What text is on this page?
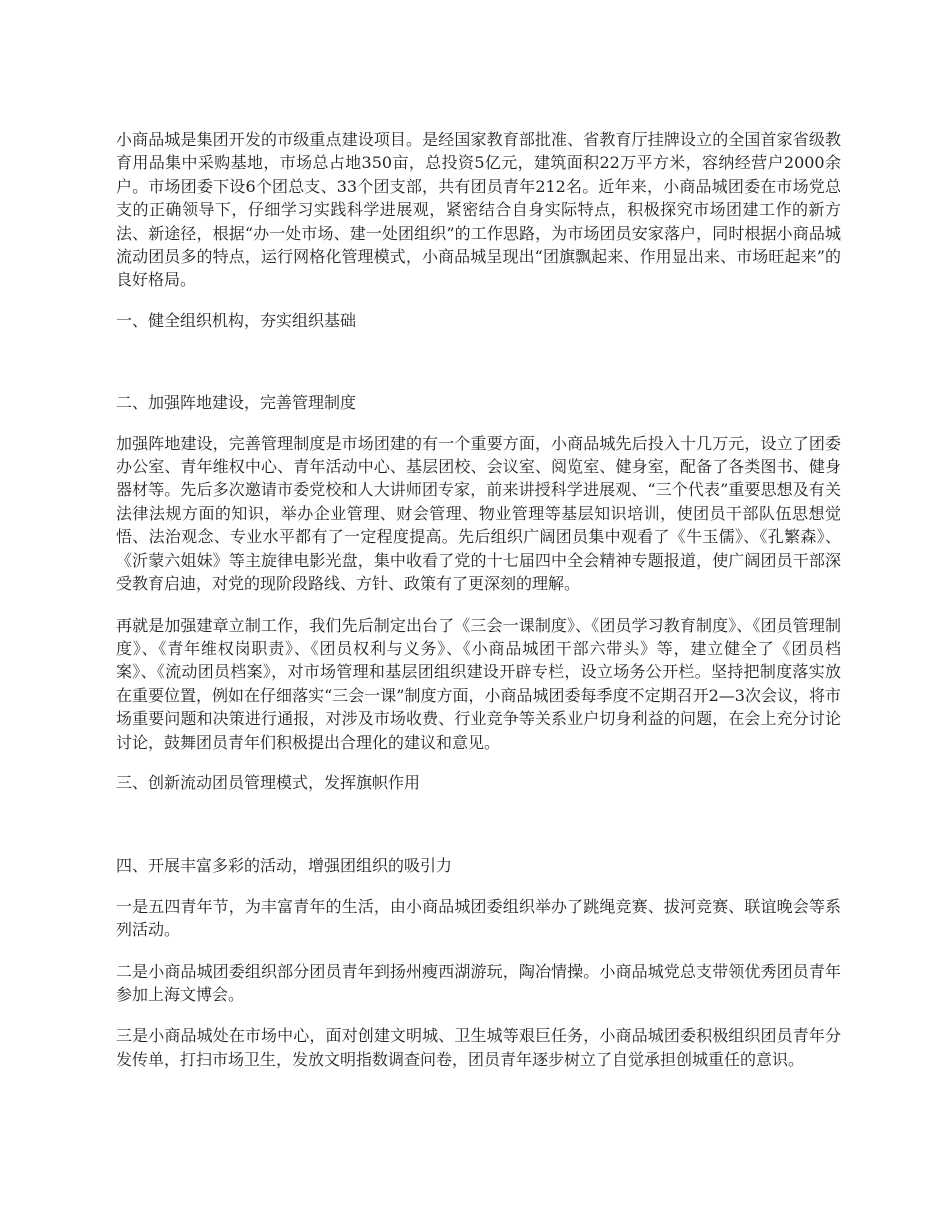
小商品城是集团开发的市级重点建设项目。是经国家教育部批准、省教育厅挂牌设立的全国首家省级教育用品集中采购基地，市场总占地350亩，总投资5亿元，建筑面积22万平方米，容纳经营户2000余户。市场团委下设6个团总支、33个团支部，共有团员青年212名。近年来，小商品城团委在市场党总支的正确领导下，仔细学习实践科学进展观，紧密结合自身实际特点，积极探究市场团建工作的新方法、新途径，根据“办一处市场、建一处团组织”的工作思路，为市场团员安家落户，同时根据小商品城流动团员多的特点，运行网格化管理模式，小商品城呈现出“团旗飘起来、作用显出来、市场旺起来”的良好格局。

一、健全组织机构，夯实组织基础

二、加强阵地建设，完善管理制度

加强阵地建设，完善管理制度是市场团建的有一个重要方面，小商品城先后投入十几万元，设立了团委办公室、青年维权中心、青年活动中心、基层团校、会议室、阅览室、健身室，配备了各类图书、健身器材等。先后多次邀请市委党校和人大讲师团专家，前来讲授科学进展观、“三个代表”重要思想及有关法律法规方面的知识，举办企业管理、财会管理、物业管理等基层知识培训，使团员干部队伍思想觉悟、法治观念、专业水平都有了一定程度提高。先后组织广阔团员集中观看了《牛玉儒》、《孔繁森》、《沂蒙六姐妹》等主旋律电影光盘，集中收看了党的十七届四中全会精神专题报道，使广阔团员干部深受教育启迪，对党的现阶段路线、方针、政策有了更深刻的理解。

再就是加强建章立制工作，我们先后制定出台了《三会一课制度》、《团员学习教育制度》、《团员管理制度》、《青年维权岗职责》、《团员权利与义务》、《小商品城团干部六带头》等，建立健全了《团员档案》、《流动团员档案》，对市场管理和基层团组织建设开辟专栏，设立场务公开栏。坚持把制度落实放在重要位置，例如在仔细落实“三会一课”制度方面，小商品城团委每季度不定期召开2—3次会议，将市场重要问题和决策进行通报，对涉及市场收费、行业竞争等关系业户切身利益的问题，在会上充分讨论讨论，鼓舞团员青年们积极提出合理化的建议和意见。

三、创新流动团员管理模式，发挥旗帜作用

四、开展丰富多彩的活动，增强团组织的吸引力

一是五四青年节，为丰富青年的生活，由小商品城团委组织举办了跳绳竞赛、拔河竞赛、联谊晚会等系列活动。

二是小商品城团委组织部分团员青年到扬州瘦西湖游玩，陶冶情操。小商品城党总支带领优秀团员青年参加上海文博会。

三是小商品城处在市场中心，面对创建文明城、卫生城等艰巨任务，小商品城团委积极组织团员青年分发传单，打扫市场卫生，发放文明指数调查问卷，团员青年逐步树立了自觉承担创城重任的意识。
